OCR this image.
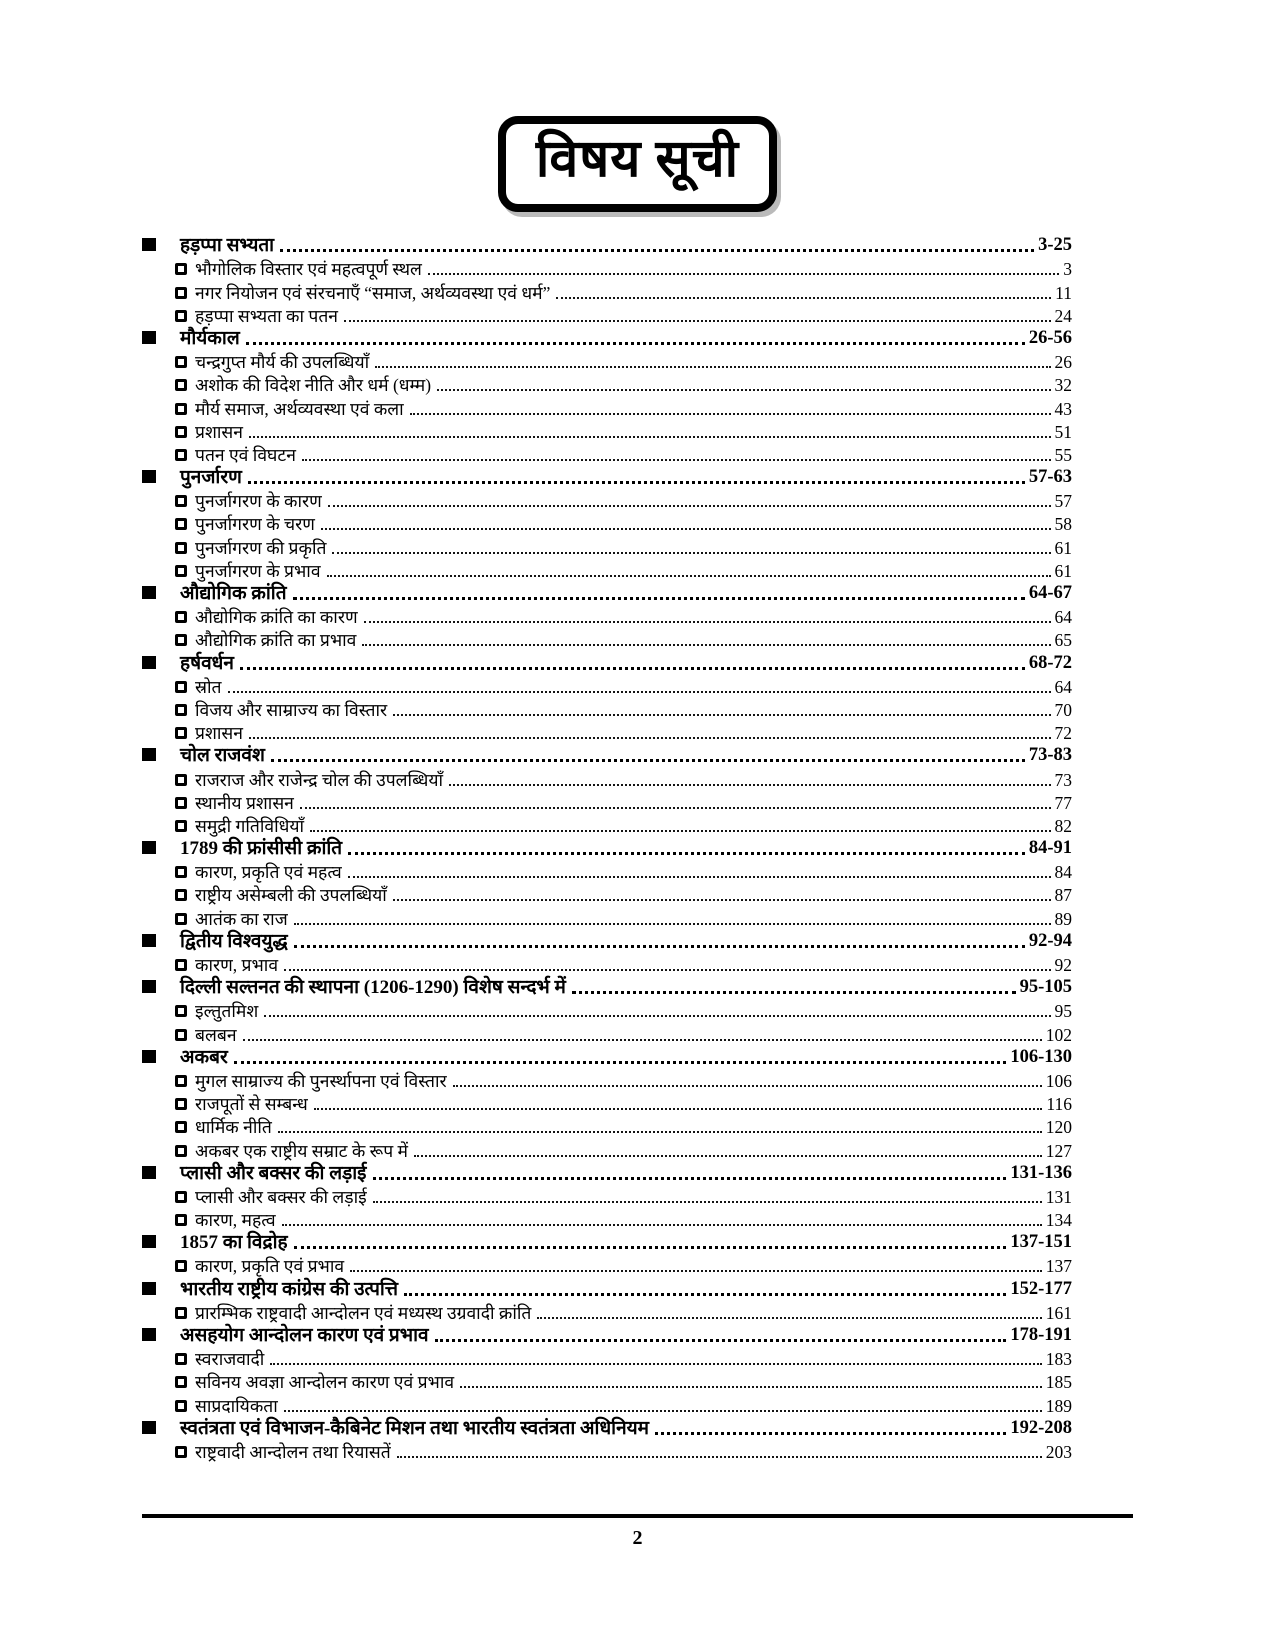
विषय सूची
हड़प्पा सभ्यता	3-25
भौगोलिक विस्तार एवं महत्वपूर्ण स्थल	3
नगर नियोजन एवं संरचनाएँ “समाज, अर्थव्यवस्था एवं धर्म”	11
हड़प्पा सभ्यता का पतन	24
मौर्यकाल	26-56
चन्द्रगुप्त मौर्य की उपलब्धियाँ	26
अशोक की विदेश नीति और धर्म (धम्म)	32
मौर्य समाज, अर्थव्यवस्था एवं कला	43
प्रशासन	51
पतन एवं विघटन	55
पुनर्जारण	57-63
पुनर्जागरण के कारण	57
पुनर्जागरण के चरण	58
पुनर्जागरण की प्रकृति	61
पुनर्जागरण के प्रभाव	61
औद्योगिक क्रांति	64-67
औद्योगिक क्रांति का कारण	64
औद्योगिक क्रांति का प्रभाव	65
हर्षवर्धन	68-72
स्रोत	64
विजय और साम्राज्य का विस्तार	70
प्रशासन	72
चोल राजवंश	73-83
राजराज और राजेन्द्र चोल की उपलब्धियाँ	73
स्थानीय प्रशासन	77
समुद्री गतिविधियाँ	82
1789 की फ्रांसीसी क्रांति	84-91
कारण, प्रकृति एवं महत्व	84
राष्ट्रीय असेम्बली की उपलब्धियाँ	87
आतंक का राज	89
द्वितीय विश्वयुद्ध	92-94
कारण, प्रभाव	92
दिल्ली सल्तनत की स्थापना (1206-1290) विशेष सन्दर्भ में	95-105
इल्तुतमिश	95
बलबन	102
अकबर	106-130
मुगल साम्राज्य की पुनर्स्थापना एवं विस्तार	106
राजपूतों से सम्बन्ध	116
धार्मिक नीति	120
अकबर एक राष्ट्रीय सम्राट के रूप में	127
प्लासी और बक्सर की लड़ाई	131-136
प्लासी और बक्सर की लड़ाई	131
कारण, महत्व	134
1857 का विद्रोह	137-151
कारण, प्रकृति एवं प्रभाव	137
भारतीय राष्ट्रीय कांग्रेस की उत्पत्ति	152-177
प्रारम्भिक राष्ट्रवादी आन्दोलन एवं मध्यस्थ उग्रवादी क्रांति	161
असहयोग आन्दोलन कारण एवं प्रभाव	178-191
स्वराजवादी	183
सविनय अवज्ञा आन्दोलन कारण एवं प्रभाव	185
साप्रदायिकता	189
स्वतंत्रता एवं विभाजन-कैबिनेट मिशन तथा भारतीय स्वतंत्रता अधिनियम	192-208
राष्ट्रवादी आन्दोलन तथा रियासतें	203
2
